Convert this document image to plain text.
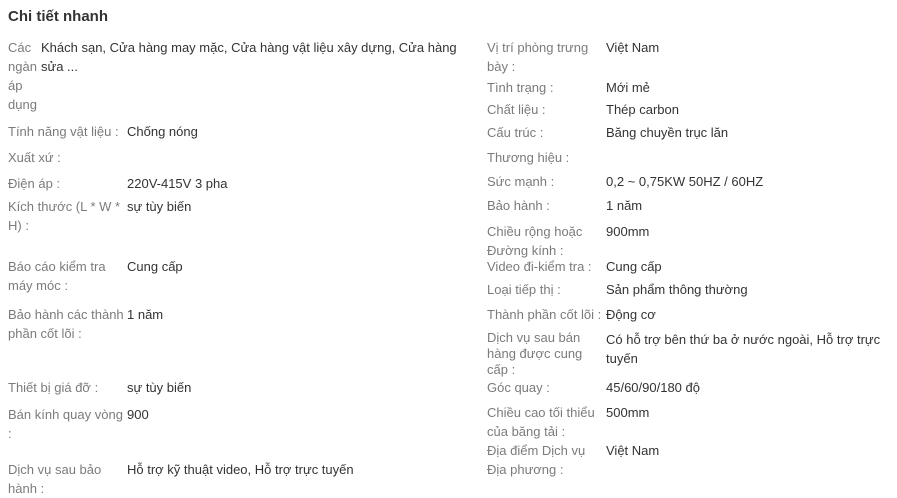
Chi tiết nhanh
Các ngàn áp dụng
Khách sạn, Cửa hàng may mặc, Cửa hàng vật liệu xây dựng, Cửa hàng sửa ...
Tính năng vật liệu : Chống nóng
Xuất xứ :
Điện áp :	220V-415V 3 pha
Kích thước (L * W * H) :
sự tùy biến
Báo cáo kiểm tra máy móc :
Cung cấp
Bảo hành các thành phần cốt lõi :
1 năm
Thiết bị giá đỡ :	sự tùy biến
Bán kính quay vòng :
900
Dịch vụ sau bảo hành :
Hỗ trợ kỹ thuật video, Hỗ trợ trực tuyến
Vị trí phòng trưng bày :
Việt Nam
Tình trạng :	Mới mẻ
Chất liệu :	Thép carbon
Cấu trúc :	Băng chuyền trục lăn
Thương hiệu :
Sức mạnh :	0,2 ~ 0,75KW 50HZ / 60HZ
Bảo hành :	1 năm
Chiều rộng hoặc Đường kính :
900mm
Video đi-kiểm tra :	Cung cấp
Loại tiếp thị :	Sản phẩm thông thường
Thành phần cốt lõi : Động cơ
Dịch vụ sau bán hàng được cung cấp :
Có hỗ trợ bên thứ ba ở nước ngoài, Hỗ trợ trực tuyến
Góc quay :	45/60/90/180 độ
Chiều cao tối thiểu của băng tải :
500mm
Địa điểm Dịch vụ Địa phương :
Việt Nam
